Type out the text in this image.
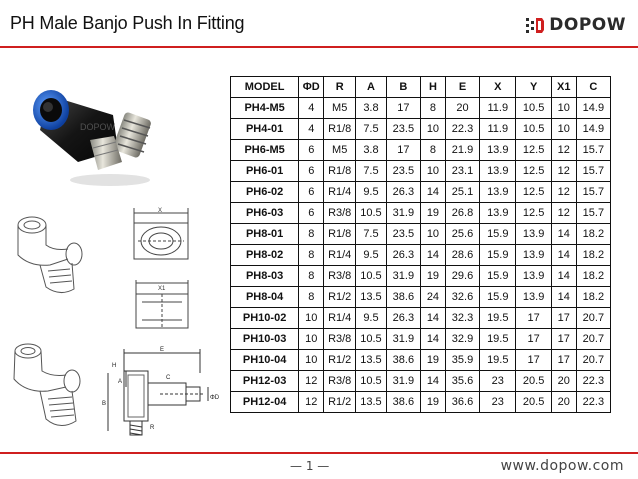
PH Male Banjo Push In Fitting	DOPOW
DOPOW
X
X1
E
C
H
B
ΦD
R
A
MODEL	ΦD	R	A	B	H	E	X	Y	X1	C
PH4-M5	4	M5	3.8	17	8	20	11.9	10.5	10	14.9
PH4-01	4	R1/8	7.5	23.5	10	22.3	11.9	10.5	10	14.9
PH6-M5	6	M5	3.8	17	8	21.9	13.9	12.5	12	15.7
PH6-01	6	R1/8	7.5	23.5	10	23.1	13.9	12.5	12	15.7
PH6-02	6	R1/4	9.5	26.3	14	25.1	13.9	12.5	12	15.7
PH6-03	6	R3/8	10.5	31.9	19	26.8	13.9	12.5	12	15.7
PH8-01	8	R1/8	7.5	23.5	10	25.6	15.9	13.9	14	18.2
PH8-02	8	R1/4	9.5	26.3	14	28.6	15.9	13.9	14	18.2
PH8-03	8	R3/8	10.5	31.9	19	29.6	15.9	13.9	14	18.2
PH8-04	8	R1/2	13.5	38.6	24	32.6	15.9	13.9	14	18.2
PH10-02	10	R1/4	9.5	26.3	14	32.3	19.5	17	17	20.7
PH10-03	10	R3/8	10.5	31.9	14	32.9	19.5	17	17	20.7
PH10-04	10	R1/2	13.5	38.6	19	35.9	19.5	17	17	20.7
PH12-03	12	R3/8	10.5	31.9	14	35.6	23	20.5	20	22.3
PH12-04	12	R1/2	13.5	38.6	19	36.6	23	20.5	20	22.3
— 1 —	www.dopow.com
